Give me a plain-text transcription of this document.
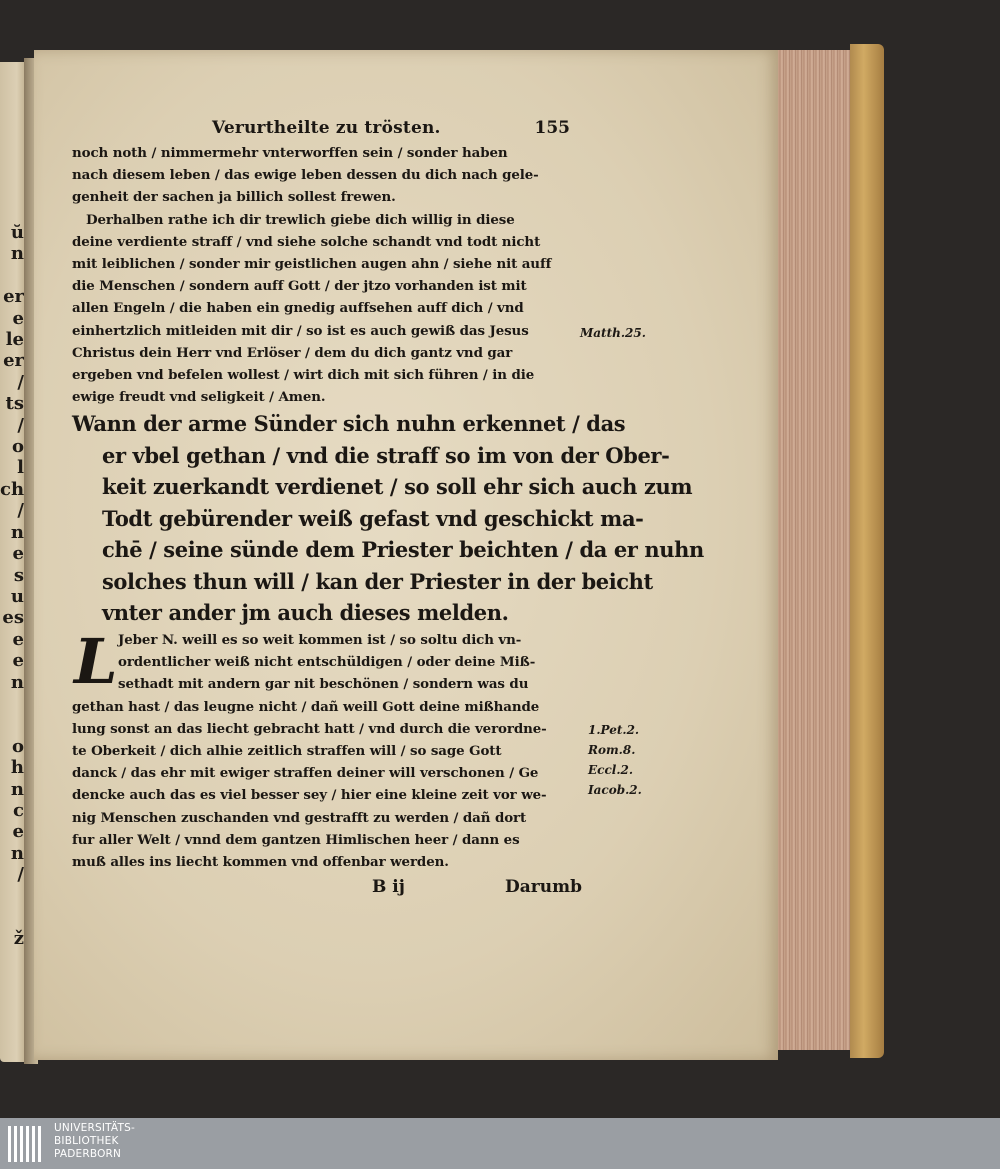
ŭ
n

er
e
le
er
/
ts
/
o
l
ch
/
n
e
s
u
es
e
e
n

o
h
n
c
e
n
/

ž
Verurtheilte zu trösten.	155
noch noth / nimmermehr vnterworffen sein / sonder haben
nach diesem leben / das ewige leben dessen du dich nach gele-
genheit der sachen ja billich sollest frewen.
Derhalben rathe ich dir trewlich giebe dich willig in diese
deine verdiente straff / vnd siehe solche schandt vnd todt nicht
mit leiblichen / sonder mir geistlichen augen ahn / siehe nit auff
die Menschen / sondern auff Gott / der jtzo vorhanden ist mit
allen Engeln / die haben ein gnedig auffsehen auff dich / vnd
einhertzlich mitleiden mit dir / so ist es auch gewiß das Jesus
Christus dein Herr vnd Erlöser / dem du dich gantz vnd gar
ergeben vnd befelen wollest / wirt dich mit sich führen / in die
ewige freudt vnd seligkeit / Amen.
Wann der arme Sünder sich nuhn erkennet / das
er vbel gethan / vnd die straff so im von der Ober-
keit zuerkandt verdienet / so soll ehr sich auch zum
Todt gebürender weiß gefast vnd geschickt ma-
chē / seine sünde dem Priester beichten / da er nuhn
solches thun will / kan der Priester in der beicht
vnter ander jm auch dieses melden.
L Jeber N. weill es so weit kommen ist / so soltu dich vn-
ordentlicher weiß nicht entschüldigen / oder deine Miß-
sethadt mit andern gar nit beschönen / sondern was du
gethan hast / das leugne nicht / dañ weill Gott deine mißhande
lung sonst an das liecht gebracht hatt / vnd durch die verordne-
te Oberkeit / dich alhie zeitlich straffen will / so sage Gott
danck / das ehr mit ewiger straffen deiner will verschonen / Ge
dencke auch das es viel besser sey / hier eine kleine zeit vor we-
nig Menschen zuschanden vnd gestrafft zu werden / dañ dort
fur aller Welt / vnnd dem gantzen Himlischen heer / dann es
muß alles ins liecht kommen vnd offenbar werden.
B ij	Darumb
Matth.25.
1.Pet.2.
Rom.8.
Eccl.2.
Iacob.2.
UNIVERSITÄTS-
BIBLIOTHEK
PADERBORN
